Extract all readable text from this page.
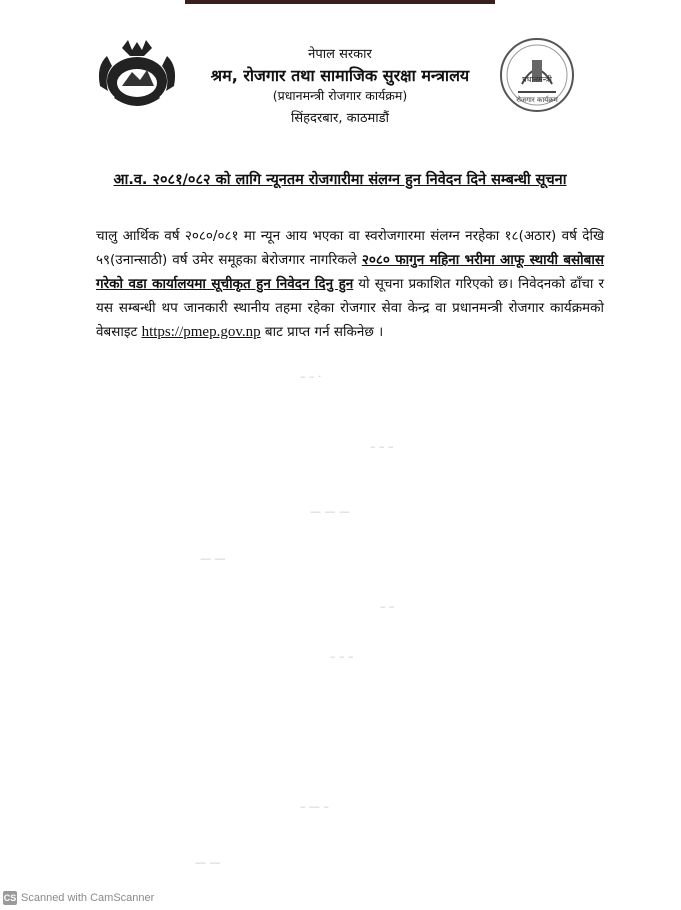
नेपाल सरकार
श्रम, रोजगार तथा सामाजिक सुरक्षा मन्त्रालय
(प्रधानमन्त्री रोजगार कार्यक्रम)
सिंहदरबार, काठमाडौं
प्रधानमन्त्री
रोजगार कार्यक्रम
आ.व. २०८१/०८२ को लागि न्यूनतम रोजगारीमा संलग्न हुन निवेदन दिने सम्बन्धी सूचना
चालु आर्थिक वर्ष २०८०/०८१ मा न्यून आय भएका वा स्वरोजगारमा संलग्न नरहेका १८(अठार) वर्ष देखि ५९(उनान्साठी) वर्ष उमेर समूहका बेरोजगार नागरिकले २०८० फागुन महिना भरीमा आफू स्थायी बसोबास गरेको वडा कार्यालयमा सूचीकृत हुन निवेदन दिनु हुन यो सूचना प्रकाशित गरिएको छ। निवेदनको ढाँचा र यस सम्बन्धी थप जानकारी स्थानीय तहमा रहेका रोजगार सेवा केन्द्र वा प्रधानमन्त्री रोजगार कार्यक्रमको वेबसाइट https://pmep.gov.np बाट प्राप्त गर्न सकिनेछ ।
– – ·
– – –
— — —
— —
– –
– – –
– — –
— —
CS Scanned with CamScanner
